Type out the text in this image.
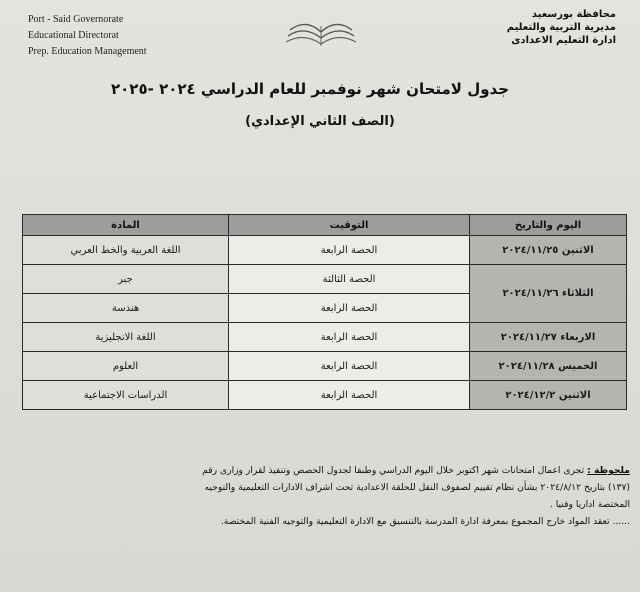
Port - Said Governorate
Educational Directorat
Prep. Education Management
محافظة بورسعيد
مديرية التربية والتعليم
ادارة التعليم الاعدادى
جدول لامتحان شهر نوفمبر للعام الدراسي ٢٠٢٤ -٢٠٢٥
(الصف الثاني الإعدادي)
اليوم والتاريخ	التوقيت	المادة
الاثنين ٢٠٢٤/١١/٢٥	الحصة الرابعة	اللغة العربية والخط العربي
الثلاثاء ٢٠٢٤/١١/٢٦	الحصة الثالثة	جبر
	الحصة الرابعة	هندسة
الاربعاء ٢٠٢٤/١١/٢٧	الحصة الرابعة	اللغة الانجليزية
الخميس ٢٠٢٤/١١/٢٨	الحصة الرابعة	العلوم
الاثنين ٢٠٢٤/١٢/٢	الحصة الرابعة	الدراسات الاجتماعية
ملحوظة : تجرى اعمال امتحانات شهر اكتوبر خلال اليوم الدراسي وطبقا لجدول الحصص وتنفيذ لقرار وزارى رقم
(١٣٧) بتاريخ ٢٠٢٤/٨/١٢ بشأن نظام تقييم لصفوف النقل للحلقة الاعدادية تحت اشراف الادارات التعليمية والتوجيه
المختصة اداريا وفنيا .
...... تعقد المواد خارج المجموع بمعرفة ادارة المدرسة بالتنسيق مع الادارة التعليمية والتوجيه الفنية المختصة.
